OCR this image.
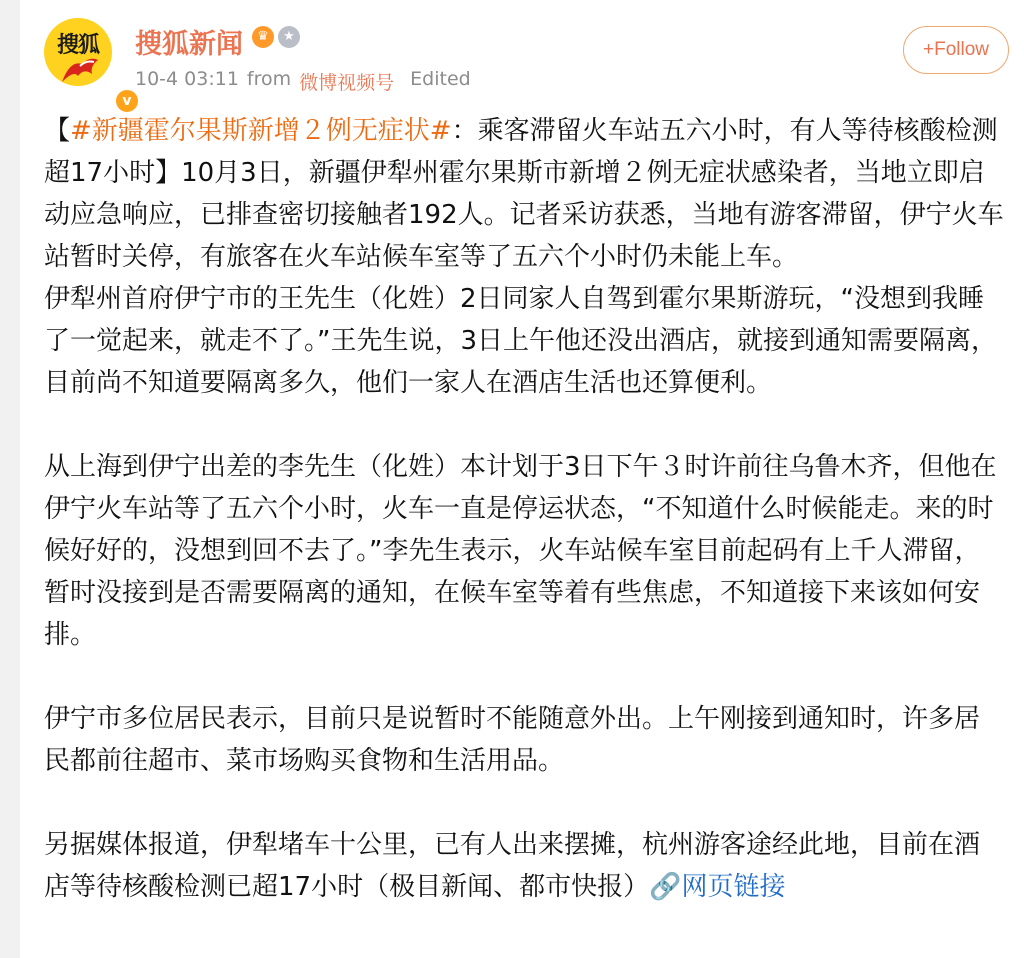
搜狐
v
搜狐新闻	♛	★
10-4 03:11 from 微博视频号 Edited
+Follow

【#新疆霍尔果斯新增２例无症状#：乘客滞留火车站五六小时，有人等待核酸检测超17小时】10月3日，新疆伊犁州霍尔果斯市新增２例无症状感染者，当地立即启动应急响应，已排查密切接触者192人。记者采访获悉，当地有游客滞留，伊宁火车站暂时关停，有旅客在火车站候车室等了五六个小时仍未能上车。

伊犁州首府伊宁市的王先生（化姓）2日同家人自驾到霍尔果斯游玩，“没想到我睡了一觉起来，就走不了。”王先生说，3日上午他还没出酒店，就接到通知需要隔离，目前尚不知道要隔离多久，他们一家人在酒店生活也还算便利。

从上海到伊宁出差的李先生（化姓）本计划于3日下午３时许前往乌鲁木齐，但他在伊宁火车站等了五六个小时，火车一直是停运状态，“不知道什么时候能走。来的时候好好的，没想到回不去了。”李先生表示，火车站候车室目前起码有上千人滞留，暂时没接到是否需要隔离的通知，在候车室等着有些焦虑，不知道接下来该如何安排。

伊宁市多位居民表示，目前只是说暂时不能随意外出。上午刚接到通知时，许多居民都前往超市、菜市场购买食物和生活用品。

另据媒体报道，伊犁堵车十公里，已有人出来摆摊，杭州游客途经此地，目前在酒店等待核酸检测已超17小时（极目新闻、都市快报）🔗网页链接
